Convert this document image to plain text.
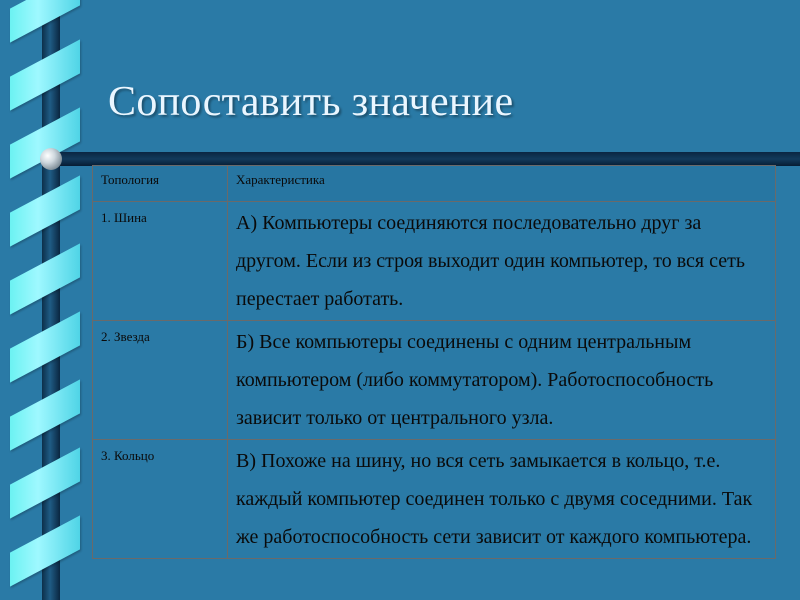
Сопоставить значение
Топология	Характеристика
1. Шина	А) Компьютеры соединяются последовательно друг за другом. Если из строя выходит один компьютер, то вся сеть перестает работать.
2. Звезда	Б) Все компьютеры соединены с одним центральным компьютером (либо коммутатором). Работоспособность зависит только от центрального узла.
3. Кольцо	В) Похоже на шину, но вся сеть замыкается в кольцо, т.е. каждый компьютер соединен только с двумя соседними. Так же работоспособность сети зависит от каждого компьютера.
